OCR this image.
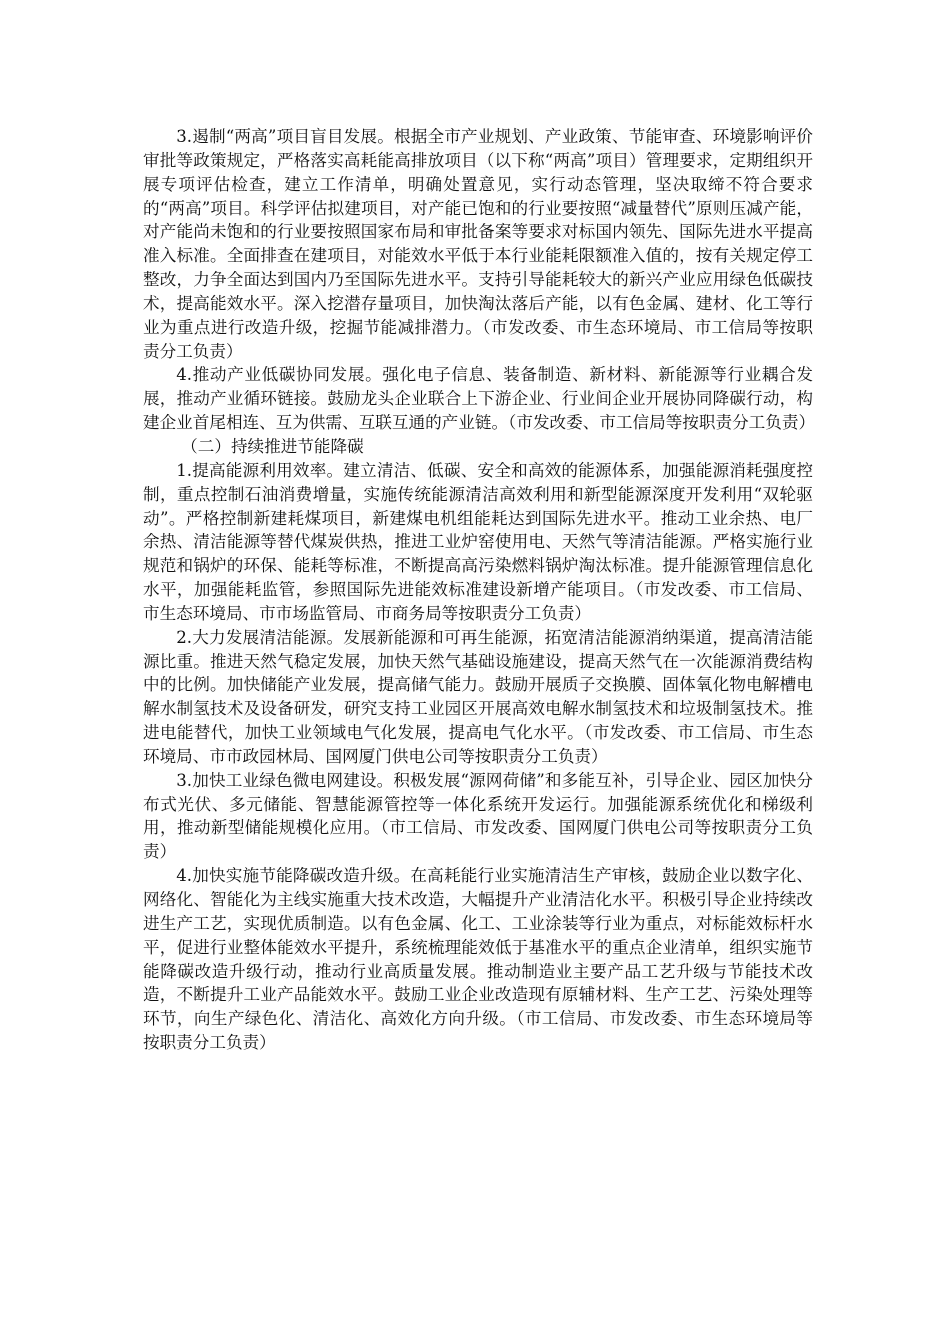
3.遏制“两高”项目盲目发展。根据全市产业规划、产业政策、节能审查、环境影响评价审批等政策规定，严格落实高耗能高排放项目（以下称“两高”项目）管理要求，定期组织开展专项评估检查，建立工作清单，明确处置意见，实行动态管理，坚决取缔不符合要求的“两高”项目。科学评估拟建项目，对产能已饱和的行业要按照“减量替代”原则压减产能，对产能尚未饱和的行业要按照国家布局和审批备案等要求对标国内领先、国际先进水平提高准入标准。全面排查在建项目，对能效水平低于本行业能耗限额准入值的，按有关规定停工整改，力争全面达到国内乃至国际先进水平。支持引导能耗较大的新兴产业应用绿色低碳技术，提高能效水平。深入挖潜存量项目，加快淘汰落后产能，以有色金属、建材、化工等行业为重点进行改造升级，挖掘节能减排潜力。（市发改委、市生态环境局、市工信局等按职责分工负责）

4.推动产业低碳协同发展。强化电子信息、装备制造、新材料、新能源等行业耦合发展，推动产业循环链接。鼓励龙头企业联合上下游企业、行业间企业开展协同降碳行动，构建企业首尾相连、互为供需、互联互通的产业链。（市发改委、市工信局等按职责分工负责）

（二）持续推进节能降碳

1.提高能源利用效率。建立清洁、低碳、安全和高效的能源体系，加强能源消耗强度控制，重点控制石油消费增量，实施传统能源清洁高效利用和新型能源深度开发利用“双轮驱动”。严格控制新建耗煤项目，新建煤电机组能耗达到国际先进水平。推动工业余热、电厂余热、清洁能源等替代煤炭供热，推进工业炉窑使用电、天然气等清洁能源。严格实施行业规范和锅炉的环保、能耗等标准，不断提高高污染燃料锅炉淘汰标准。提升能源管理信息化水平，加强能耗监管，参照国际先进能效标准建设新增产能项目。（市发改委、市工信局、市生态环境局、市市场监管局、市商务局等按职责分工负责）

2.大力发展清洁能源。发展新能源和可再生能源，拓宽清洁能源消纳渠道，提高清洁能源比重。推进天然气稳定发展，加快天然气基础设施建设，提高天然气在一次能源消费结构中的比例。加快储能产业发展，提高储气能力。鼓励开展质子交换膜、固体氧化物电解槽电解水制氢技术及设备研发，研究支持工业园区开展高效电解水制氢技术和垃圾制氢技术。推进电能替代，加快工业领域电气化发展，提高电气化水平。（市发改委、市工信局、市生态环境局、市市政园林局、国网厦门供电公司等按职责分工负责）

3.加快工业绿色微电网建设。积极发展“源网荷储”和多能互补，引导企业、园区加快分布式光伏、多元储能、智慧能源管控等一体化系统开发运行。加强能源系统优化和梯级利用，推动新型储能规模化应用。（市工信局、市发改委、国网厦门供电公司等按职责分工负责）

4.加快实施节能降碳改造升级。在高耗能行业实施清洁生产审核，鼓励企业以数字化、网络化、智能化为主线实施重大技术改造，大幅提升产业清洁化水平。积极引导企业持续改进生产工艺，实现优质制造。以有色金属、化工、工业涂装等行业为重点，对标能效标杆水平，促进行业整体能效水平提升，系统梳理能效低于基准水平的重点企业清单，组织实施节能降碳改造升级行动，推动行业高质量发展。推动制造业主要产品工艺升级与节能技术改造，不断提升工业产品能效水平。鼓励工业企业改造现有原辅材料、生产工艺、污染处理等环节，向生产绿色化、清洁化、高效化方向升级。（市工信局、市发改委、市生态环境局等按职责分工负责）
